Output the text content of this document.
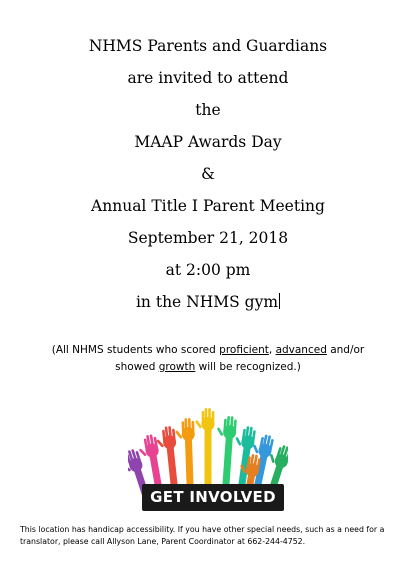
NHMS Parents and Guardians
are invited to attend
the
MAAP Awards Day
&
Annual Title I Parent Meeting
September 21, 2018
at 2:00 pm
in the NHMS gym
(All NHMS students who scored proficient, advanced and/or
showed growth will be recognized.)
GET INVOLVED
This location has handicap accessibility. If you have other special needs, such as a need for a translator, please call Allyson Lane, Parent Coordinator at 662-244-4752.
